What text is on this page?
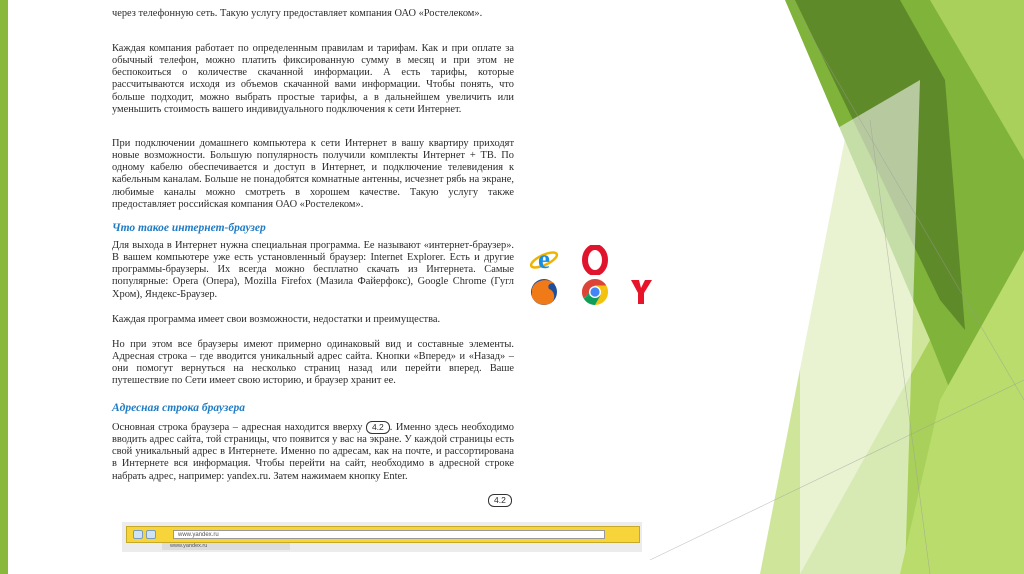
через телефонную сеть. Такую услугу предоставляет компания ОАО «Ростелеком».

Каждая компания работает по определенным правилам и тарифам. Как и при оплате за обычный телефон, можно платить фиксированную сумму в месяц и при этом не беспокоиться о количестве скачанной информации. А есть тарифы, которые рассчитываются исходя из объемов скачанной вами информации. Чтобы понять, что больше подходит, можно выбрать простые тарифы, а в дальнейшем увеличить или уменьшить стоимость вашего индивидуального подключения к сети Интернет.

При подключении домашнего компьютера к сети Интернет в вашу квартиру приходят новые возможности. Большую популярность получили комплекты Интернет + ТВ. По одному кабелю обеспечивается и доступ в Интернет, и подключение телевидения к кабельным каналам. Больше не понадобятся комнатные антенны, исчезнет рябь на экране, любимые каналы можно смотреть в хорошем качестве. Такую услугу также предоставляет российская компания ОАО «Ростелеком».

Что такое интернет-браузер

Для выхода в Интернет нужна специальная программа. Ее называют «интернет-браузер». В вашем компьютере уже есть установленный браузер: Internet Explorer. Есть и другие программы-браузеры. Их всегда можно бесплатно скачать из Интернета. Самые популярные: Opera (Опера), Mozilla Firefox (Мазила Файерфокс), Google Chrome (Гугл Хром), Яндекс-Браузер.

Каждая программа имеет свои возможности, недостатки и преимущества.

Но при этом все браузеры имеют примерно одинаковый вид и составные элементы. Адресная строка – где вводится уникальный адрес сайта. Кнопки «Вперед» и «Назад» – они помогут вернуться на несколько страниц назад или перейти вперед. Ваше путешествие по Сети имеет свою историю, и браузер хранит ее.

Адресная строка браузера

Основная строка браузера – адресная находится вверху 4.2 . Именно здесь необходимо вводить адрес сайта, той страницы, что появится у вас на экране. У каждой страницы есть свой уникальный адрес в Интернете. Именно по адресам, как на почте, и рассортирована в Интернете вся информация. Чтобы перейти на сайт, необходимо в адресной строке набрать адрес, например: yandex.ru. Затем нажимаем кнопку Enter.

4.2
e
www.yandex.ru
www.yandex.ru
